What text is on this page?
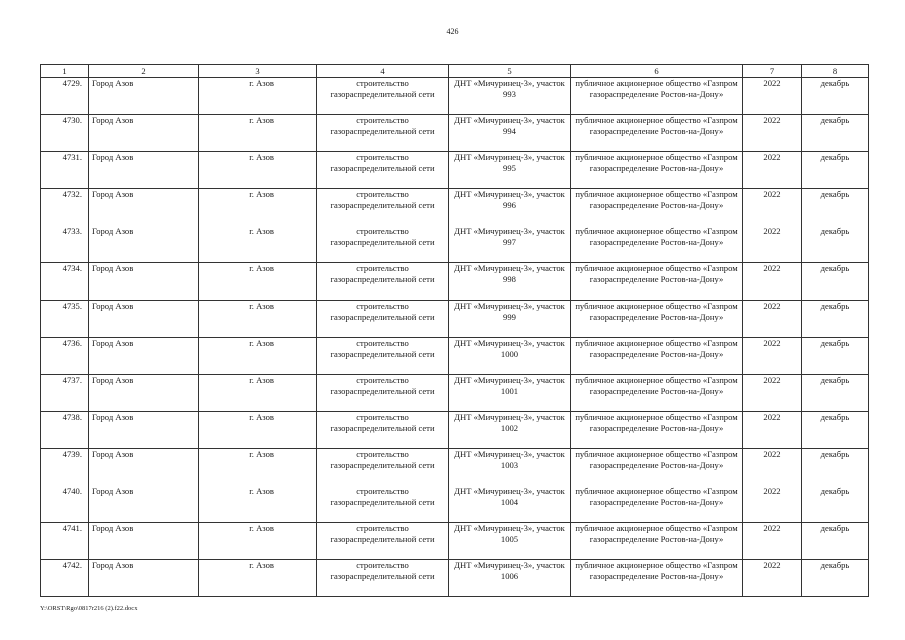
426
1	2	3	4	5	6	7	8
4729.	Город Азов	г. Азов	строительство газораспределительной сети	ДНТ «Мичуринец-3», участок 993	публичное акционерное общество «Газпром газораспределение Ростов-на-Дону»	2022	декабрь
4730.	Город Азов	г. Азов	строительство газораспределительной сети	ДНТ «Мичуринец-3», участок 994	публичное акционерное общество «Газпром газораспределение Ростов-на-Дону»	2022	декабрь
4731.	Город Азов	г. Азов	строительство газораспределительной сети	ДНТ «Мичуринец-3», участок 995	публичное акционерное общество «Газпром газораспределение Ростов-на-Дону»	2022	декабрь
4732.	Город Азов	г. Азов	строительство газораспределительной сети	ДНТ «Мичуринец-3», участок 996	публичное акционерное общество «Газпром газораспределение Ростов-на-Дону»	2022	декабрь
4733.	Город Азов	г. Азов	строительство газораспределительной сети	ДНТ «Мичуринец-3», участок 997	публичное акционерное общество «Газпром газораспределение Ростов-на-Дону»	2022	декабрь
4734.	Город Азов	г. Азов	строительство газораспределительной сети	ДНТ «Мичуринец-3», участок 998	публичное акционерное общество «Газпром газораспределение Ростов-на-Дону»	2022	декабрь
4735.	Город Азов	г. Азов	строительство газораспределительной сети	ДНТ «Мичуринец-3», участок 999	публичное акционерное общество «Газпром газораспределение Ростов-на-Дону»	2022	декабрь
4736.	Город Азов	г. Азов	строительство газораспределительной сети	ДНТ «Мичуринец-3», участок 1000	публичное акционерное общество «Газпром газораспределение Ростов-на-Дону»	2022	декабрь
4737.	Город Азов	г. Азов	строительство газораспределительной сети	ДНТ «Мичуринец-3», участок 1001	публичное акционерное общество «Газпром газораспределение Ростов-на-Дону»	2022	декабрь
4738.	Город Азов	г. Азов	строительство газораспределительной сети	ДНТ «Мичуринец-3», участок 1002	публичное акционерное общество «Газпром газораспределение Ростов-на-Дону»	2022	декабрь
4739.	Город Азов	г. Азов	строительство газораспределительной сети	ДНТ «Мичуринец-3», участок 1003	публичное акционерное общество «Газпром газораспределение Ростов-на-Дону»	2022	декабрь
4740.	Город Азов	г. Азов	строительство газораспределительной сети	ДНТ «Мичуринец-3», участок 1004	публичное акционерное общество «Газпром газораспределение Ростов-на-Дону»	2022	декабрь
4741.	Город Азов	г. Азов	строительство газораспределительной сети	ДНТ «Мичуринец-3», участок 1005	публичное акционерное общество «Газпром газораспределение Ростов-на-Дону»	2022	декабрь
4742.	Город Азов	г. Азов	строительство газораспределительной сети	ДНТ «Мичуринец-3», участок 1006	публичное акционерное общество «Газпром газораспределение Ростов-на-Дону»	2022	декабрь
Y:\ORST\Rgo\0817r216 (2).f22.docx
